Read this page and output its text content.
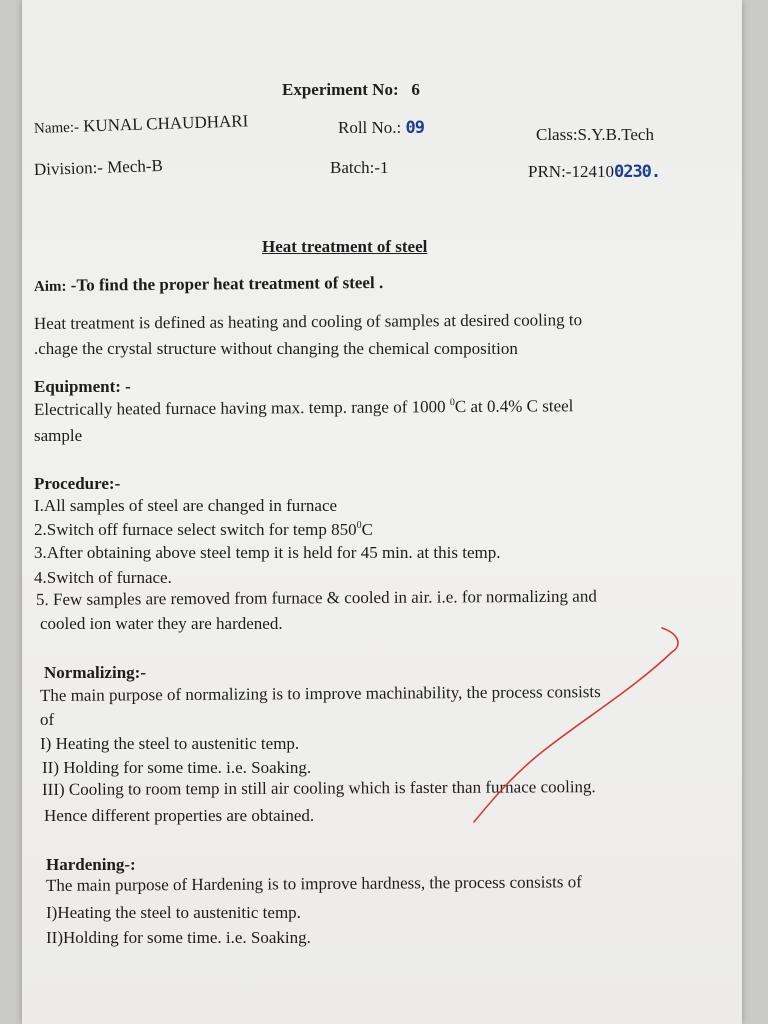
Experiment No: 6
Name:- KUNAL CHAUDHARI	Roll No.: 09	Class:S.Y.B.Tech
Division:- Mech-B	Batch:-1	PRN:-124100230.
Heat treatment of steel
Aim: -To find the proper heat treatment of steel .
Heat treatment is defined as heating and cooling of samples at desired cooling to
.chage the crystal structure without changing the chemical composition
Equipment: -
Electrically heated furnace having max. temp. range of 1000 $^0$C at 0.4% C steel
sample
Procedure:-
I.All samples of steel are changed in furnace
2.Switch off furnace select switch for temp $850^0C$
3.After obtaining above steel temp it is held for 45 min. at this temp.
4.Switch of furnace.
5. Few samples are removed from furnace & cooled in air. i.e. for normalizing and
cooled ion water they are hardened.
Normalizing:-
The main purpose of normalizing is to improve machinability, the process consists
of
I) Heating the steel to austenitic temp.
II) Holding for some time. i.e. Soaking.
III) Cooling to room temp in still air cooling which is faster than furnace cooling.
Hence different properties are obtained.
Hardening-:
The main purpose of Hardening is to improve hardness, the process consists of
I)Heating the steel to austenitic temp.
II)Holding for some time. i.e. Soaking.
